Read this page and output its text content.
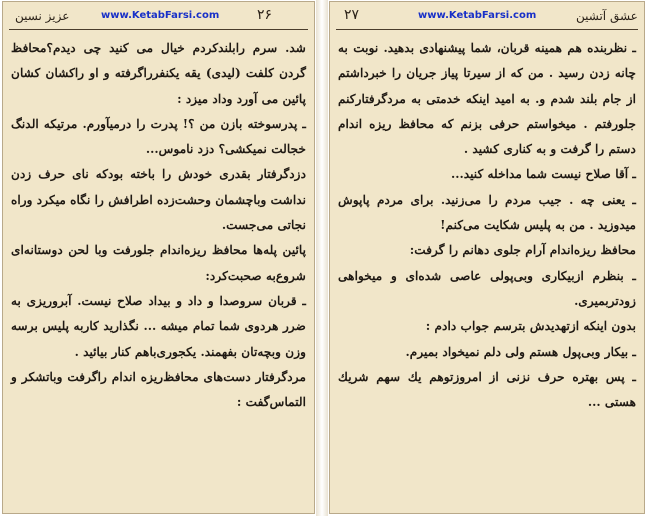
عزیز نسین	www.KetabFarsi.com	۲۶

شد. سرم رابلندکردم خیال می کنید چی دیدم؟محافظ گردن کلفت (لیدی) یقه یکنفرراگرفته و او راکشان کشان پائین می آورد وداد میزد :

ـ پدرسوخته بازن من ؟! پدرت را درمیآورم. مرتیکه الدنگ خجالت نمیکشی؟ دزد ناموس...

دزدگرفتار بقدری خودش را باخته بودکه نای حرف زدن نداشت وباچشمان وحشت‌زده اطرافش را نگاه میکرد وراه نجاتی می‌جست.

پائین پله‌ها محافظ ریزه‌اندام جلورفت وبا لحن دوستانه‌ای شروع‌به صحبت‌کرد:

ـ قربان سروصدا و داد و بیداد صلاح نیست. آبروریزی به ضرر هردوی شما تمام میشه ... نگذارید کاربه پلیس برسه وزن وبچه‌تان بفهمند. یکجوری‌باهم کنار بیائید .

مردگرفتار دست‌های محافظ‌ریزه اندام راگرفت وباتشکر و التماس‌گفت :

۲۷	www.KetabFarsi.com	عشق آتشین

ـ نظربنده هم همینه قربان، شما پیشنهادی بدهید. نوبت به چانه زدن رسید . من که از سیرتا پیاز جریان را خبرداشتم از جام بلند شدم و. به امید اینکه خدمتی به مردگرفتارکنم جلورفتم . میخواستم حرفی بزنم که محافظ ریزه اندام دستم را گرفت و به کناری کشید .

ـ آقا صلاح نیست شما مداخله کنید...

ـ یعنی چه . جیب مردم را می‌زنید. برای مردم پاپوش میدوزید . من به پلیس شکایت می‌کنم!

محافظ ریزه‌اندام آرام جلوی دهانم را گرفت:

ـ بنظرم ازبیکاری وبی‌پولی عاصی شده‌ای و میخواهی زودتربمیری.

بدون اینکه ازتهدیدش بترسم جواب دادم :

ـ بیکار وبی‌پول هستم ولی دلم نمیخواد بمیرم.

ـ پس بهتره حرف نزنی از امروزتوهم یك سهم شریك هستی ...
